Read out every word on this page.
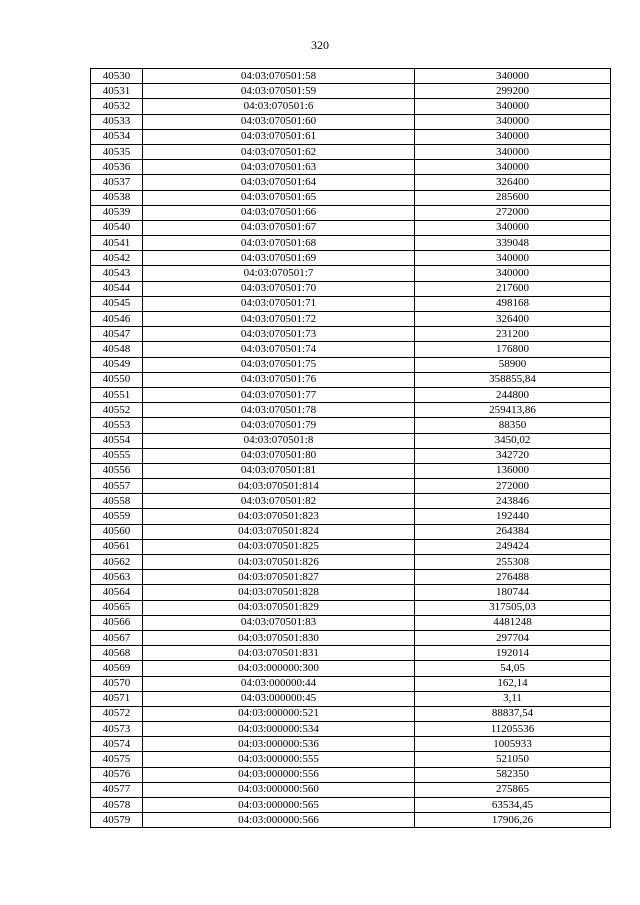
320
40530	04:03:070501:58	340000
40531	04:03:070501:59	299200
40532	04:03:070501:6	340000
40533	04:03:070501:60	340000
40534	04:03:070501:61	340000
40535	04:03:070501:62	340000
40536	04:03:070501:63	340000
40537	04:03:070501:64	326400
40538	04:03:070501:65	285600
40539	04:03:070501:66	272000
40540	04:03:070501:67	340000
40541	04:03:070501:68	339048
40542	04:03:070501:69	340000
40543	04:03:070501:7	340000
40544	04:03:070501:70	217600
40545	04:03:070501:71	498168
40546	04:03:070501:72	326400
40547	04:03:070501:73	231200
40548	04:03:070501:74	176800
40549	04:03:070501:75	58900
40550	04:03:070501:76	358855,84
40551	04:03:070501:77	244800
40552	04:03:070501:78	259413,86
40553	04:03:070501:79	88350
40554	04:03:070501:8	3450,02
40555	04:03:070501:80	342720
40556	04:03:070501:81	136000
40557	04:03:070501:814	272000
40558	04:03:070501:82	243846
40559	04:03:070501:823	192440
40560	04:03:070501:824	264384
40561	04:03:070501:825	249424
40562	04:03:070501:826	255308
40563	04:03:070501:827	276488
40564	04:03:070501:828	180744
40565	04:03:070501:829	317505,03
40566	04:03:070501:83	4481248
40567	04:03:070501:830	297704
40568	04:03:070501:831	192014
40569	04:03:000000:300	54,05
40570	04:03:000000:44	162,14
40571	04:03:000000:45	3,11
40572	04:03:000000:521	88837,54
40573	04:03:000000:534	11205536
40574	04:03:000000:536	1005933
40575	04:03:000000:555	521050
40576	04:03:000000:556	582350
40577	04:03:000000:560	275865
40578	04:03:000000:565	63534,45
40579	04:03:000000:566	17906,26
